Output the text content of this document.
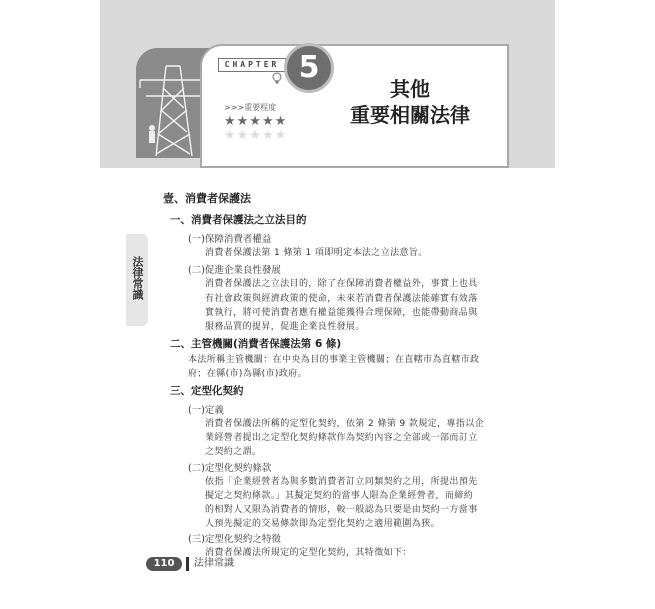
CHAPTER 5
>>>重要程度
★★★★★
★★★★★
其他
重要相關法律
法律常識
壹、消費者保護法
一、消費者保護法之立法目的
(一)保障消費者權益
消費者保護法第 1 條第 1 項即明定本法之立法意旨。
(二)促進企業良性發展
消費者保護法之立法目的，除了在保障消費者權益外，事實上也具
有社會政策與經濟政策的使命，未來若消費者保護法能確實有效落
實執行，將可使消費者應有權益能獲得合理保障，也能帶動商品與
服務品質的提昇，促進企業良性發展。
二、主管機關(消費者保護法第 6 條)
本法所稱主管機關：在中央為目的事業主管機關；在直轄市為直轄市政
府；在縣(市)為縣(市)政府。
三、定型化契約
(一)定義
消費者保護法所稱的定型化契約，依第 2 條第 9 款規定，專指以企
業經營者提出之定型化契約條款作為契約內容之全部或一部而訂立
之契約之謂。
(二)定型化契約條款
依指「企業經營者為與多數消費者訂立同類契約之用，所提出預先
擬定之契約條款。」其擬定契約的當事人限為企業經營者，而締約
的相對人又限為消費者的情形，較一般認為只要是由契約一方當事
人預先擬定的交易條款即為定型化契約之適用範圍為狹。
(三)定型化契約之特徵
消費者保護法所規定的定型化契約，其特徵如下：
110	法律常識
